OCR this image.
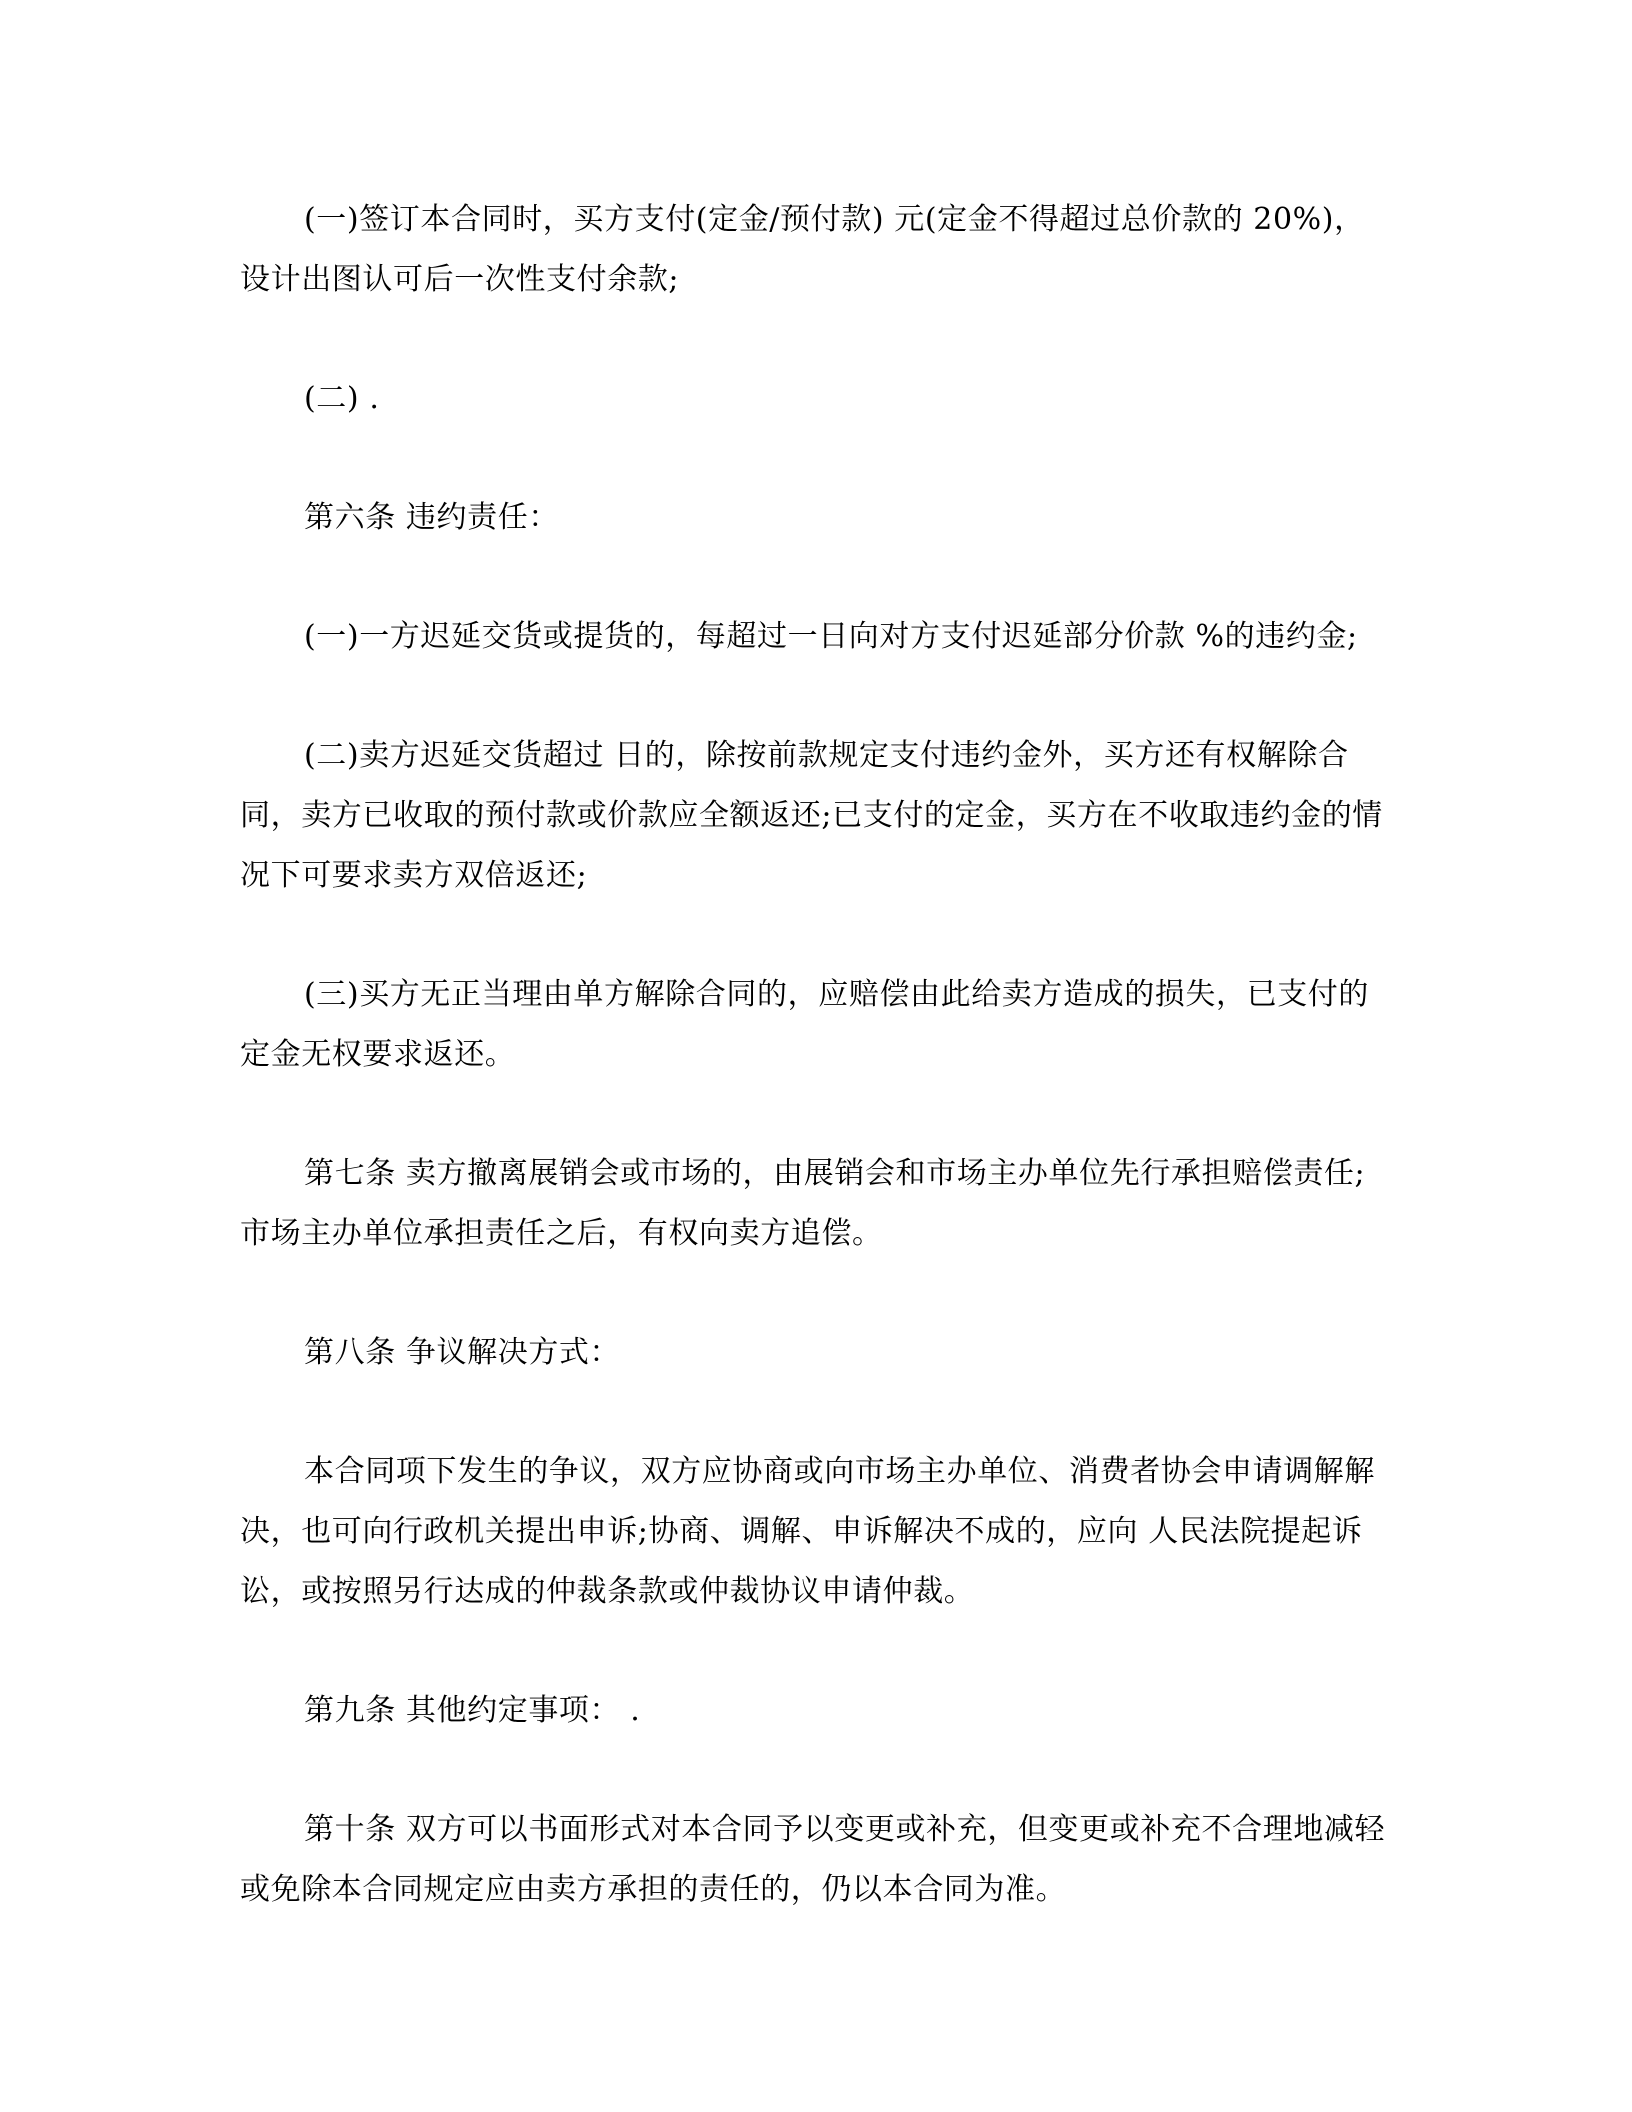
(一)签订本合同时，买方支付(定金/预付款) 元(定金不得超过总价款的 20%)，设计出图认可后一次性支付余款;

(二) .

第六条 违约责任：

(一)一方迟延交货或提货的，每超过一日向对方支付迟延部分价款 %的违约金;

(二)卖方迟延交货超过 日的，除按前款规定支付违约金外，买方还有权解除合同，卖方已收取的预付款或价款应全额返还;已支付的定金，买方在不收取违约金的情况下可要求卖方双倍返还;

(三)买方无正当理由单方解除合同的，应赔偿由此给卖方造成的损失，已支付的定金无权要求返还。

第七条 卖方撤离展销会或市场的，由展销会和市场主办单位先行承担赔偿责任;市场主办单位承担责任之后，有权向卖方追偿。

第八条 争议解决方式：

本合同项下发生的争议，双方应协商或向市场主办单位、消费者协会申请调解解决，也可向行政机关提出申诉;协商、调解、申诉解决不成的，应向 人民法院提起诉讼，或按照另行达成的仲裁条款或仲裁协议申请仲裁。

第九条 其他约定事项： .

第十条 双方可以书面形式对本合同予以变更或补充，但变更或补充不合理地减轻或免除本合同规定应由卖方承担的责任的，仍以本合同为准。
